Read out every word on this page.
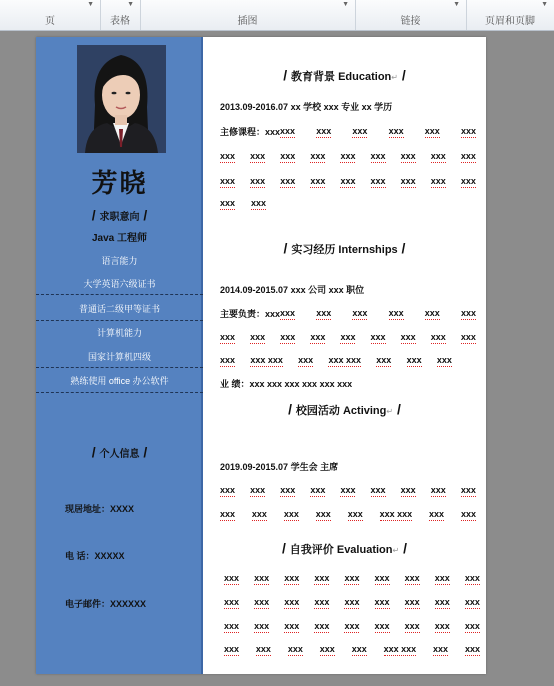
▼
页
▼
表格
▼
插图
▼
链接
▼
页眉和页脚
芳晓
/ 求职意向 /
Java 工程师
语言能力
大学英语六级证书
普通话二级甲等证书
计算机能力
国家计算机四级
熟练使用 office 办公软件
/ 个人信息 /
现居地址：XXXX
电 话：XXXXX
电子邮件：XXXXXX
/ 教育背景 Education↵ /
2013.09-2016.07 xx 学校 xxx 专业 xx 学历
主修课程：xxx xxx xxx xxx xxx xxx xxx
xxx xxx xxx xxx xxx xxx xxx xxx xxx
xxx xxx xxx xxx xxx xxx xxx xxx xxx
xxx xxx
/ 实习经历 Internships /
2014.09-2015.07 xxx 公司 xxx 职位
主要负责：xxx xxx xxx xxx xxx xxx xxx
xxx xxx xxx xxx xxx xxx xxx xxx xxx
xxx xxx xxx xxx xxx xxx xxx xxx xxx
业 绩：xxx xxx xxx xxx xxx xxx
/ 校园活动 Activing↵ /
2019.09-2015.07 学生会 主席
xxx xxx xxx xxx xxx xxx xxx xxx xxx
xxx xxx xxx xxx xxx xxx xxx xxx xxx
/ 自我评价 Evaluation↵ /
xxx xxx xxx xxx xxx xxx xxx xxx xxx
xxx xxx xxx xxx xxx xxx xxx xxx xxx
xxx xxx xxx xxx xxx xxx xxx xxx xxx
xxx xxx xxx xxx xxx xxx xxx xxx xxx
